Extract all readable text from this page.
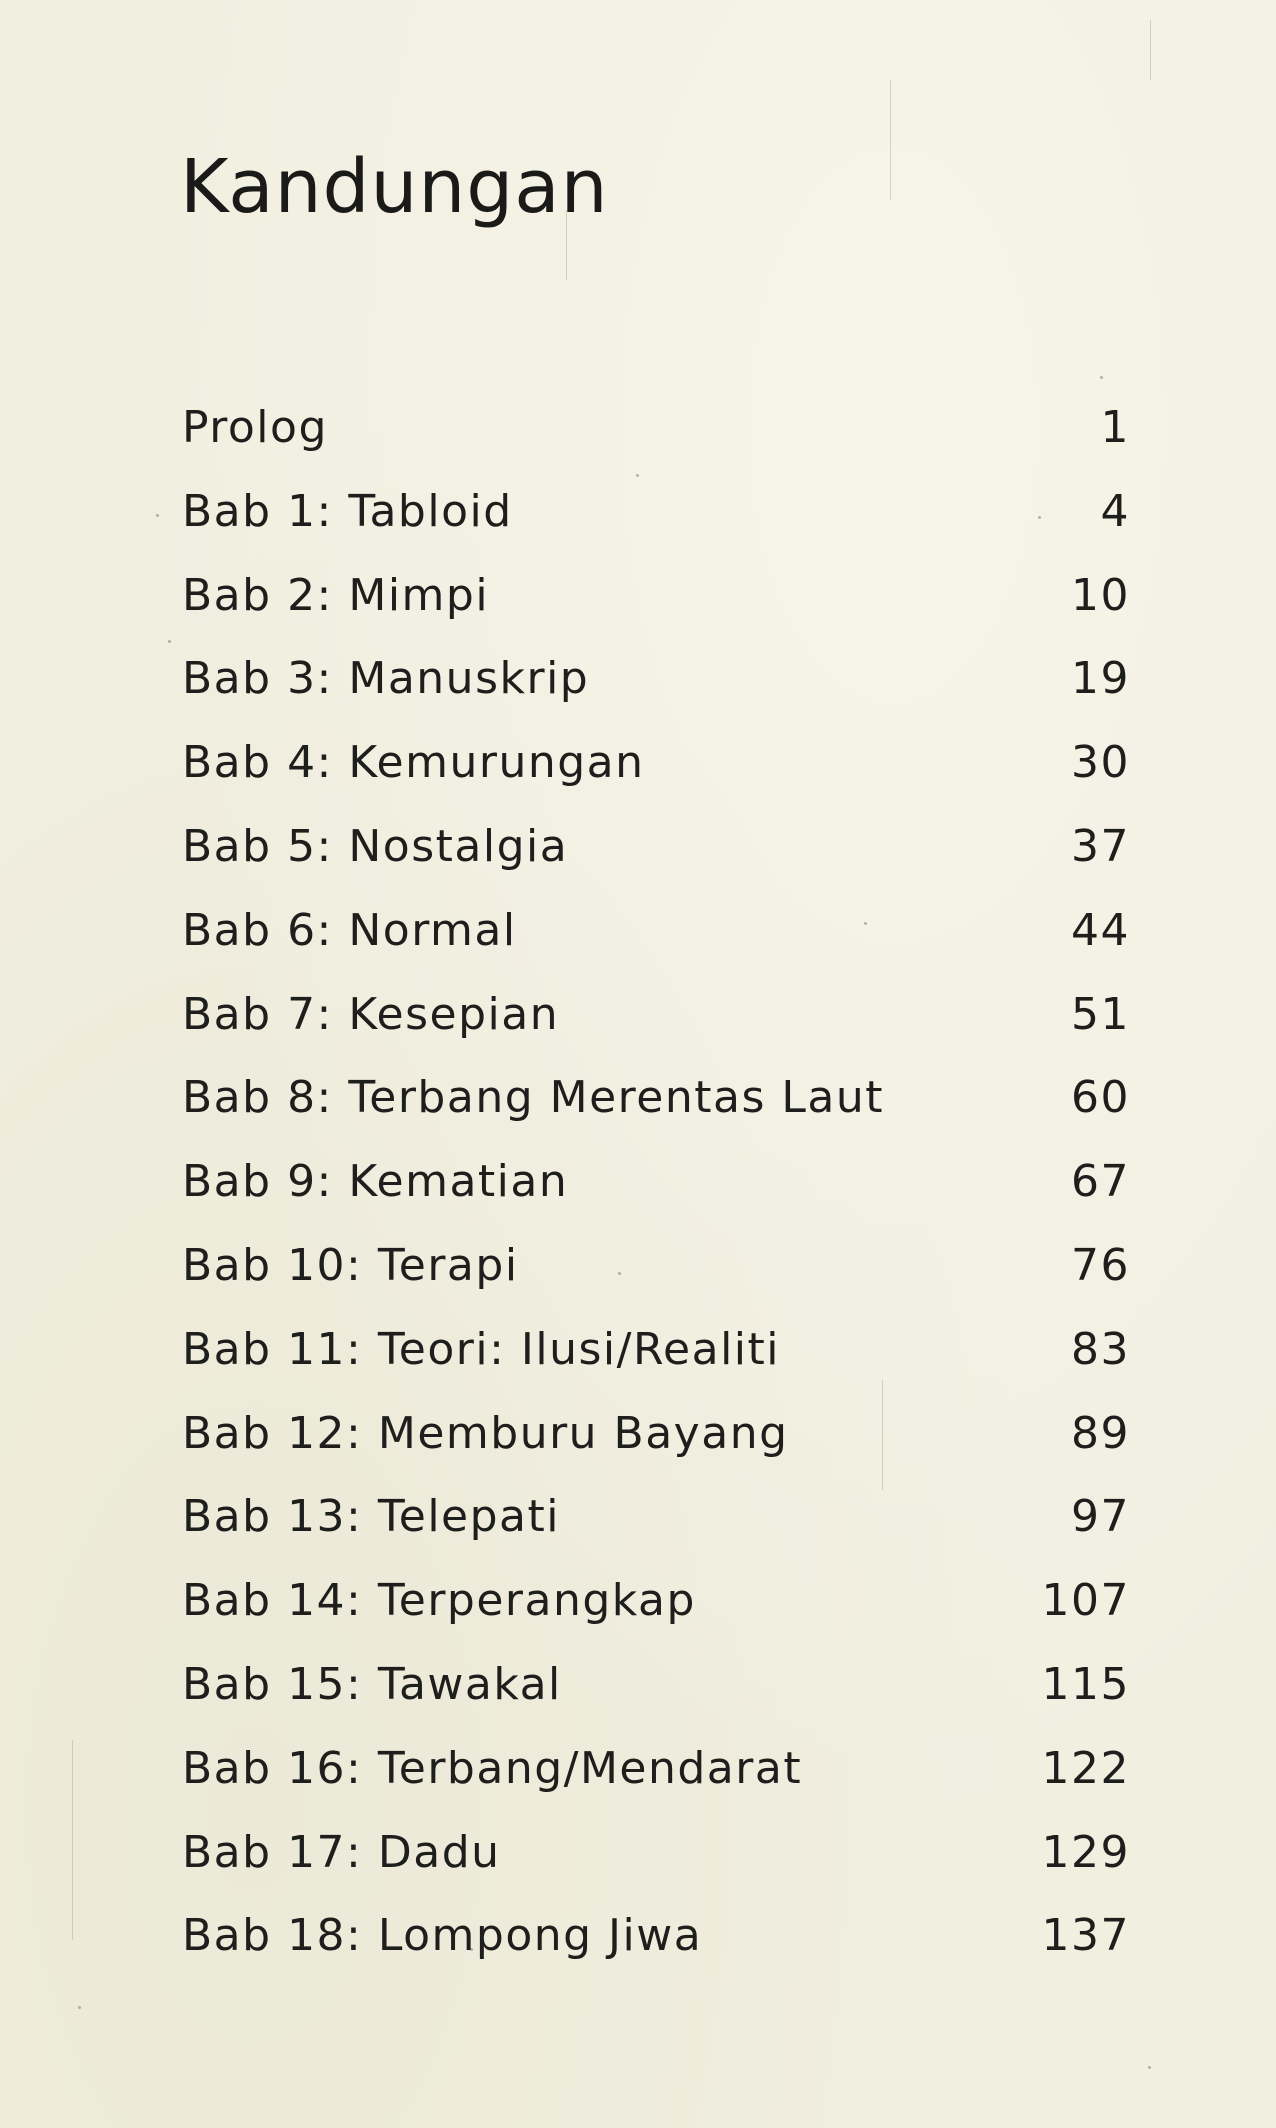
Kandungan
Prolog	1
Bab 1: Tabloid	4
Bab 2: Mimpi	10
Bab 3: Manuskrip	19
Bab 4: Kemurungan	30
Bab 5: Nostalgia	37
Bab 6: Normal	44
Bab 7: Kesepian	51
Bab 8: Terbang Merentas Laut	60
Bab 9: Kematian	67
Bab 10: Terapi	76
Bab 11: Teori: Ilusi/Realiti	83
Bab 12: Memburu Bayang	89
Bab 13: Telepati	97
Bab 14: Terperangkap	107
Bab 15: Tawakal	115
Bab 16: Terbang/Mendarat	122
Bab 17: Dadu	129
Bab 18: Lompong Jiwa	137
